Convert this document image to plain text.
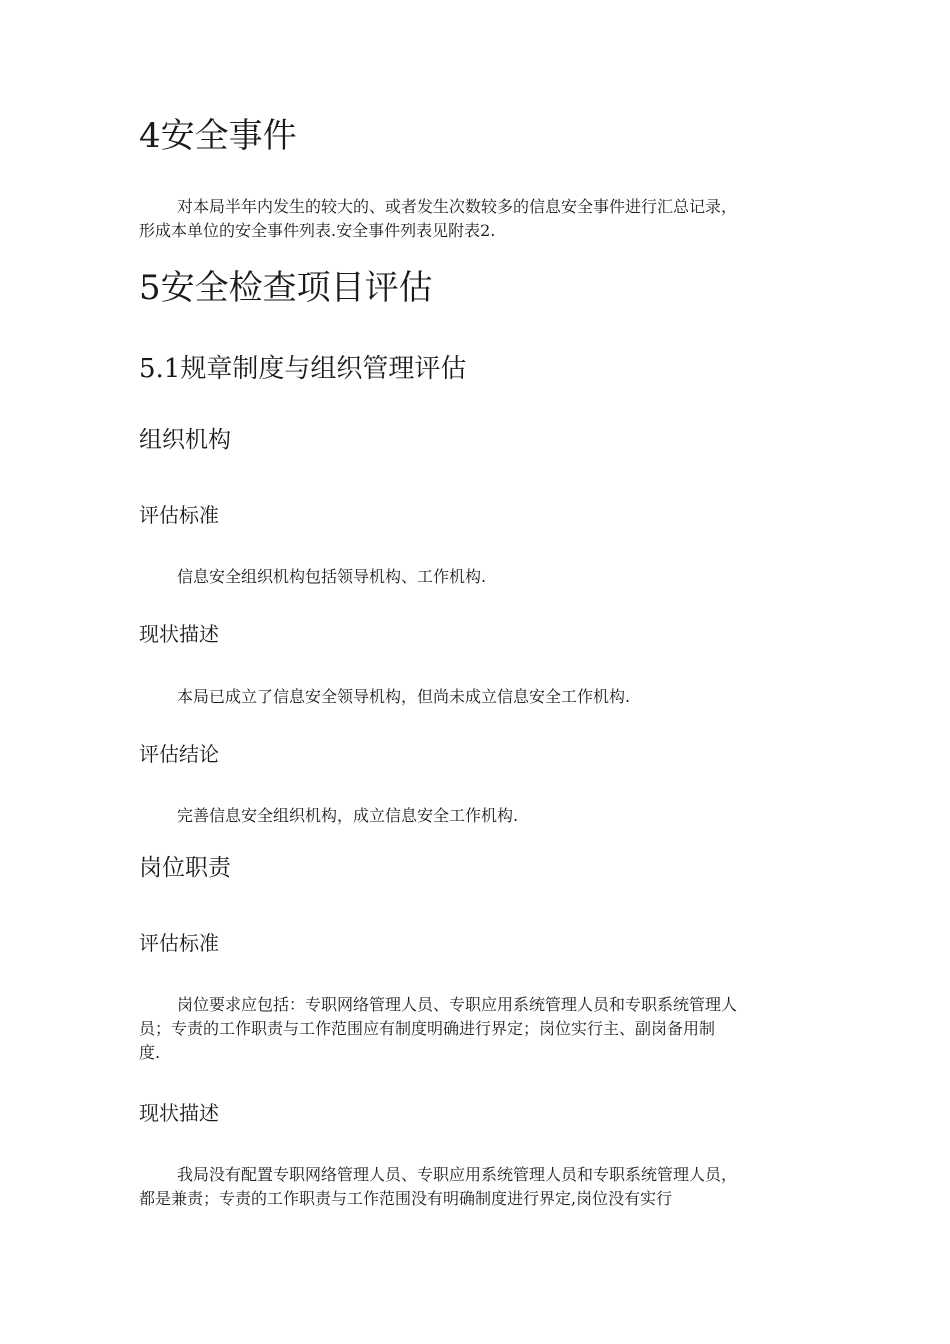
4安全事件
对本局半年内发生的较大的、或者发生次数较多的信息安全事件进行汇总记录，
形成本单位的安全事件列表.安全事件列表见附表2.
5安全检查项目评估
5.1规章制度与组织管理评估
组织机构
评估标准
信息安全组织机构包括领导机构、工作机构.
现状描述
本局已成立了信息安全领导机构，但尚未成立信息安全工作机构.
评估结论
完善信息安全组织机构，成立信息安全工作机构.
岗位职责
评估标准
岗位要求应包括：专职网络管理人员、专职应用系统管理人员和专职系统管理人
员；专责的工作职责与工作范围应有制度明确进行界定；岗位实行主、副岗备用制
度.
现状描述
我局没有配置专职网络管理人员、专职应用系统管理人员和专职系统管理人员，
都是兼责；专责的工作职责与工作范围没有明确制度进行界定,岗位没有实行
